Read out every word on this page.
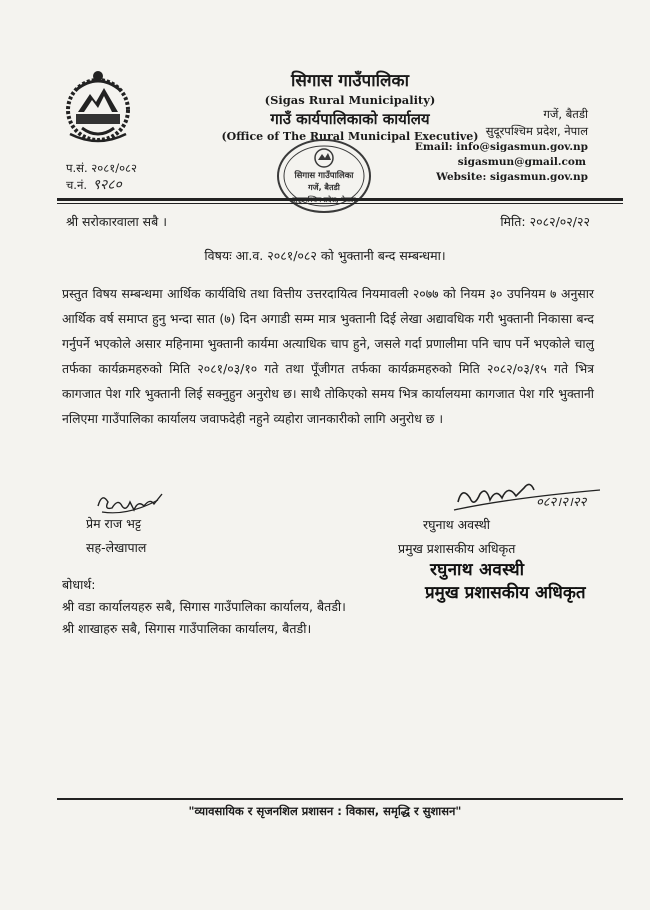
सिगास गाउँपालिका
(Sigas Rural Municipality)
गाउँ कार्यपालिकाको कार्यालय
(Office of The Rural Municipal Executive)
गजें, बैतडी
सुदूरपश्चिम प्रदेश, नेपाल
Email: info@sigasmun.gov.np
sigasmun@gmail.com
Website: sigasmun.gov.np
प.सं. २०८१/०८२
च.नं. ९२८०
सिगास गाउँपालिका
गजें, बैतडी
श्री सरोकारवाला सबै ।	मिति: २०८२/०२/२२
विषयः आ.व. २०८१/०८२ को भुक्तानी बन्द सम्बन्धमा।
प्रस्तुत विषय सम्बन्धमा आर्थिक कार्यविधि तथा वित्तीय उत्तरदायित्व नियमावली २०७७ को नियम ३० उपनियम ७ अनुसार आर्थिक वर्ष समाप्त हुनु भन्दा सात (७) दिन अगाडी सम्म मात्र भुक्तानी दिई लेखा अद्यावधिक गरी भुक्तानी निकासा बन्द गर्नुपर्ने भएकोले असार महिनामा भुक्तानी कार्यमा अत्याधिक चाप हुने, जसले गर्दा प्रणालीमा पनि चाप पर्ने भएकोले चालु तर्फका कार्यक्रमहरुको मिति २०८१/०३/१० गते तथा पूँजीगत तर्फका कार्यक्रमहरुको मिति २०८२/०३/१५ गते भित्र कागजात पेश गरि भुक्तानी लिई सक्नुहुन अनुरोध छ। साथै तोकिएको समय भित्र कार्यालयमा कागजात पेश गरि भुक्तानी नलिएमा गाउँपालिका कार्यालय जवाफदेही नहुने व्यहोरा जानकारीको लागि अनुरोध छ ।
प्रेम राज भट्ट
सह-लेखापाल
०८२।२।२२
रघुनाथ अवस्थी
प्रमुख प्रशासकीय अधिकृत
रघुनाथ अवस्थी
प्रमुख प्रशासकीय अधिकृत
बोधार्थ:
श्री वडा कार्यालयहरु सबै, सिगास गाउँपालिका कार्यालय, बैतडी।
श्री शाखाहरु सबै, सिगास गाउँपालिका कार्यालय, बैतडी।
"व्यावसायिक र सृजनशिल प्रशासन : विकास, समृद्धि र सुशासन"
